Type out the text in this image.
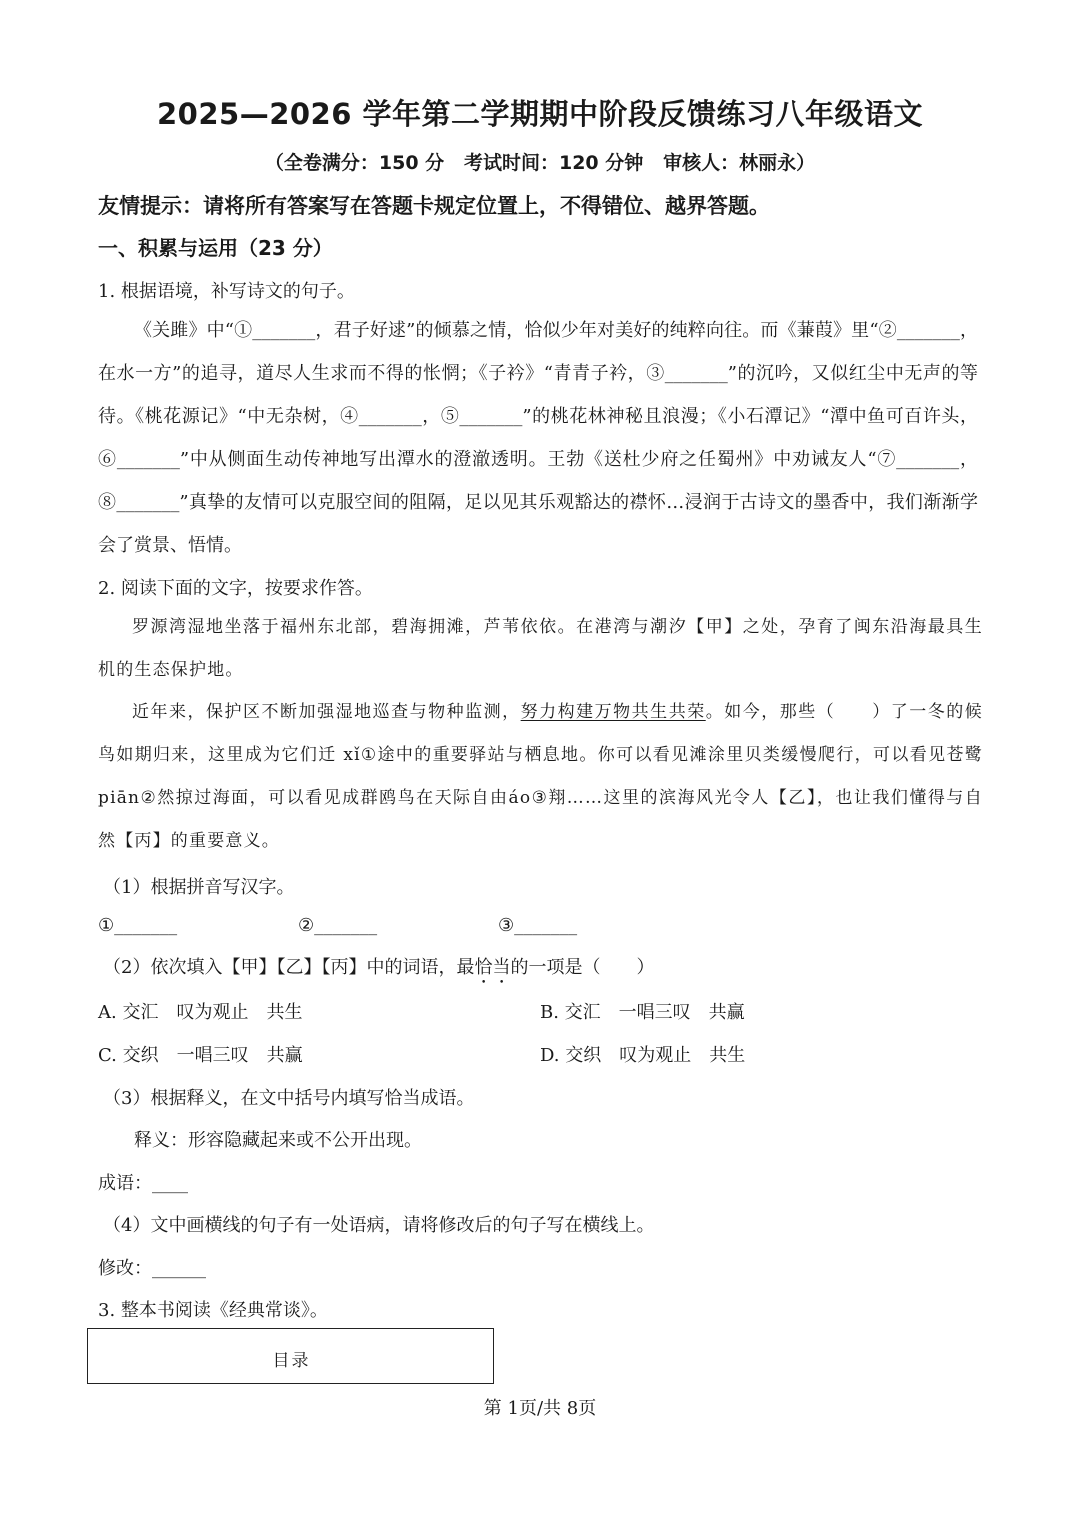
2025—2026 学年第二学期期中阶段反馈练习八年级语文
（全卷满分：150 分   考试时间：120 分钟   审核人：林丽永）
友情提示：请将所有答案写在答题卡规定位置上，不得错位、越界答题。
一、积累与运用（23 分）
1. 根据语境，补写诗文的句子。
《关雎》中“①_______，君子好逑”的倾慕之情，恰似少年对美好的纯粹向往。而《蒹葭》里“②_______，在水一方”的追寻，道尽人生求而不得的怅惘；《子衿》“青青子衿，③_______”的沉吟，又似红尘中无声的等待。《桃花源记》“中无杂树，④_______，⑤_______”的桃花林神秘且浪漫；《小石潭记》“潭中鱼可百许头，⑥_______”中从侧面生动传神地写出潭水的澄澈透明。王勃《送杜少府之任蜀州》中劝诫友人“⑦_______，⑧_______”真挚的友情可以克服空间的阻隔，足以见其乐观豁达的襟怀…浸润于古诗文的墨香中，我们渐渐学会了赏景、悟情。
2. 阅读下面的文字，按要求作答。
罗源湾湿地坐落于福州东北部，碧海拥滩，芦苇依依。在港湾与潮汐【甲】之处，孕育了闽东沿海最具生机的生态保护地。
近年来，保护区不断加强湿地巡查与物种监测，努力构建万物共生共荣。如今，那些（　　）了一冬的候鸟如期归来，这里成为它们迁 xǐ①途中的重要驿站与栖息地。你可以看见滩涂里贝类缓慢爬行，可以看见苍鹭 piān②然掠过海面，可以看见成群鸥鸟在天际自由áo③翔……这里的滨海风光令人【乙】，也让我们懂得与自然【丙】的重要意义。
（1）根据拼音写汉字。
①_______	②_______	③_______
（2）依次填入【甲】【乙】【丙】中的词语，最恰当的一项是（　　）
A. 交汇　叹为观止　共生	B. 交汇　一唱三叹　共赢
C. 交织　一唱三叹　共赢	D. 交织　叹为观止　共生
（3）根据释义，在文中括号内填写恰当成语。
释义：形容隐藏起来或不公开出现。
成语：____
（4）文中画横线的句子有一处语病，请将修改后的句子写在横线上。
修改：______
3. 整本书阅读《经典常谈》。
目录
第 1页/共 8页
